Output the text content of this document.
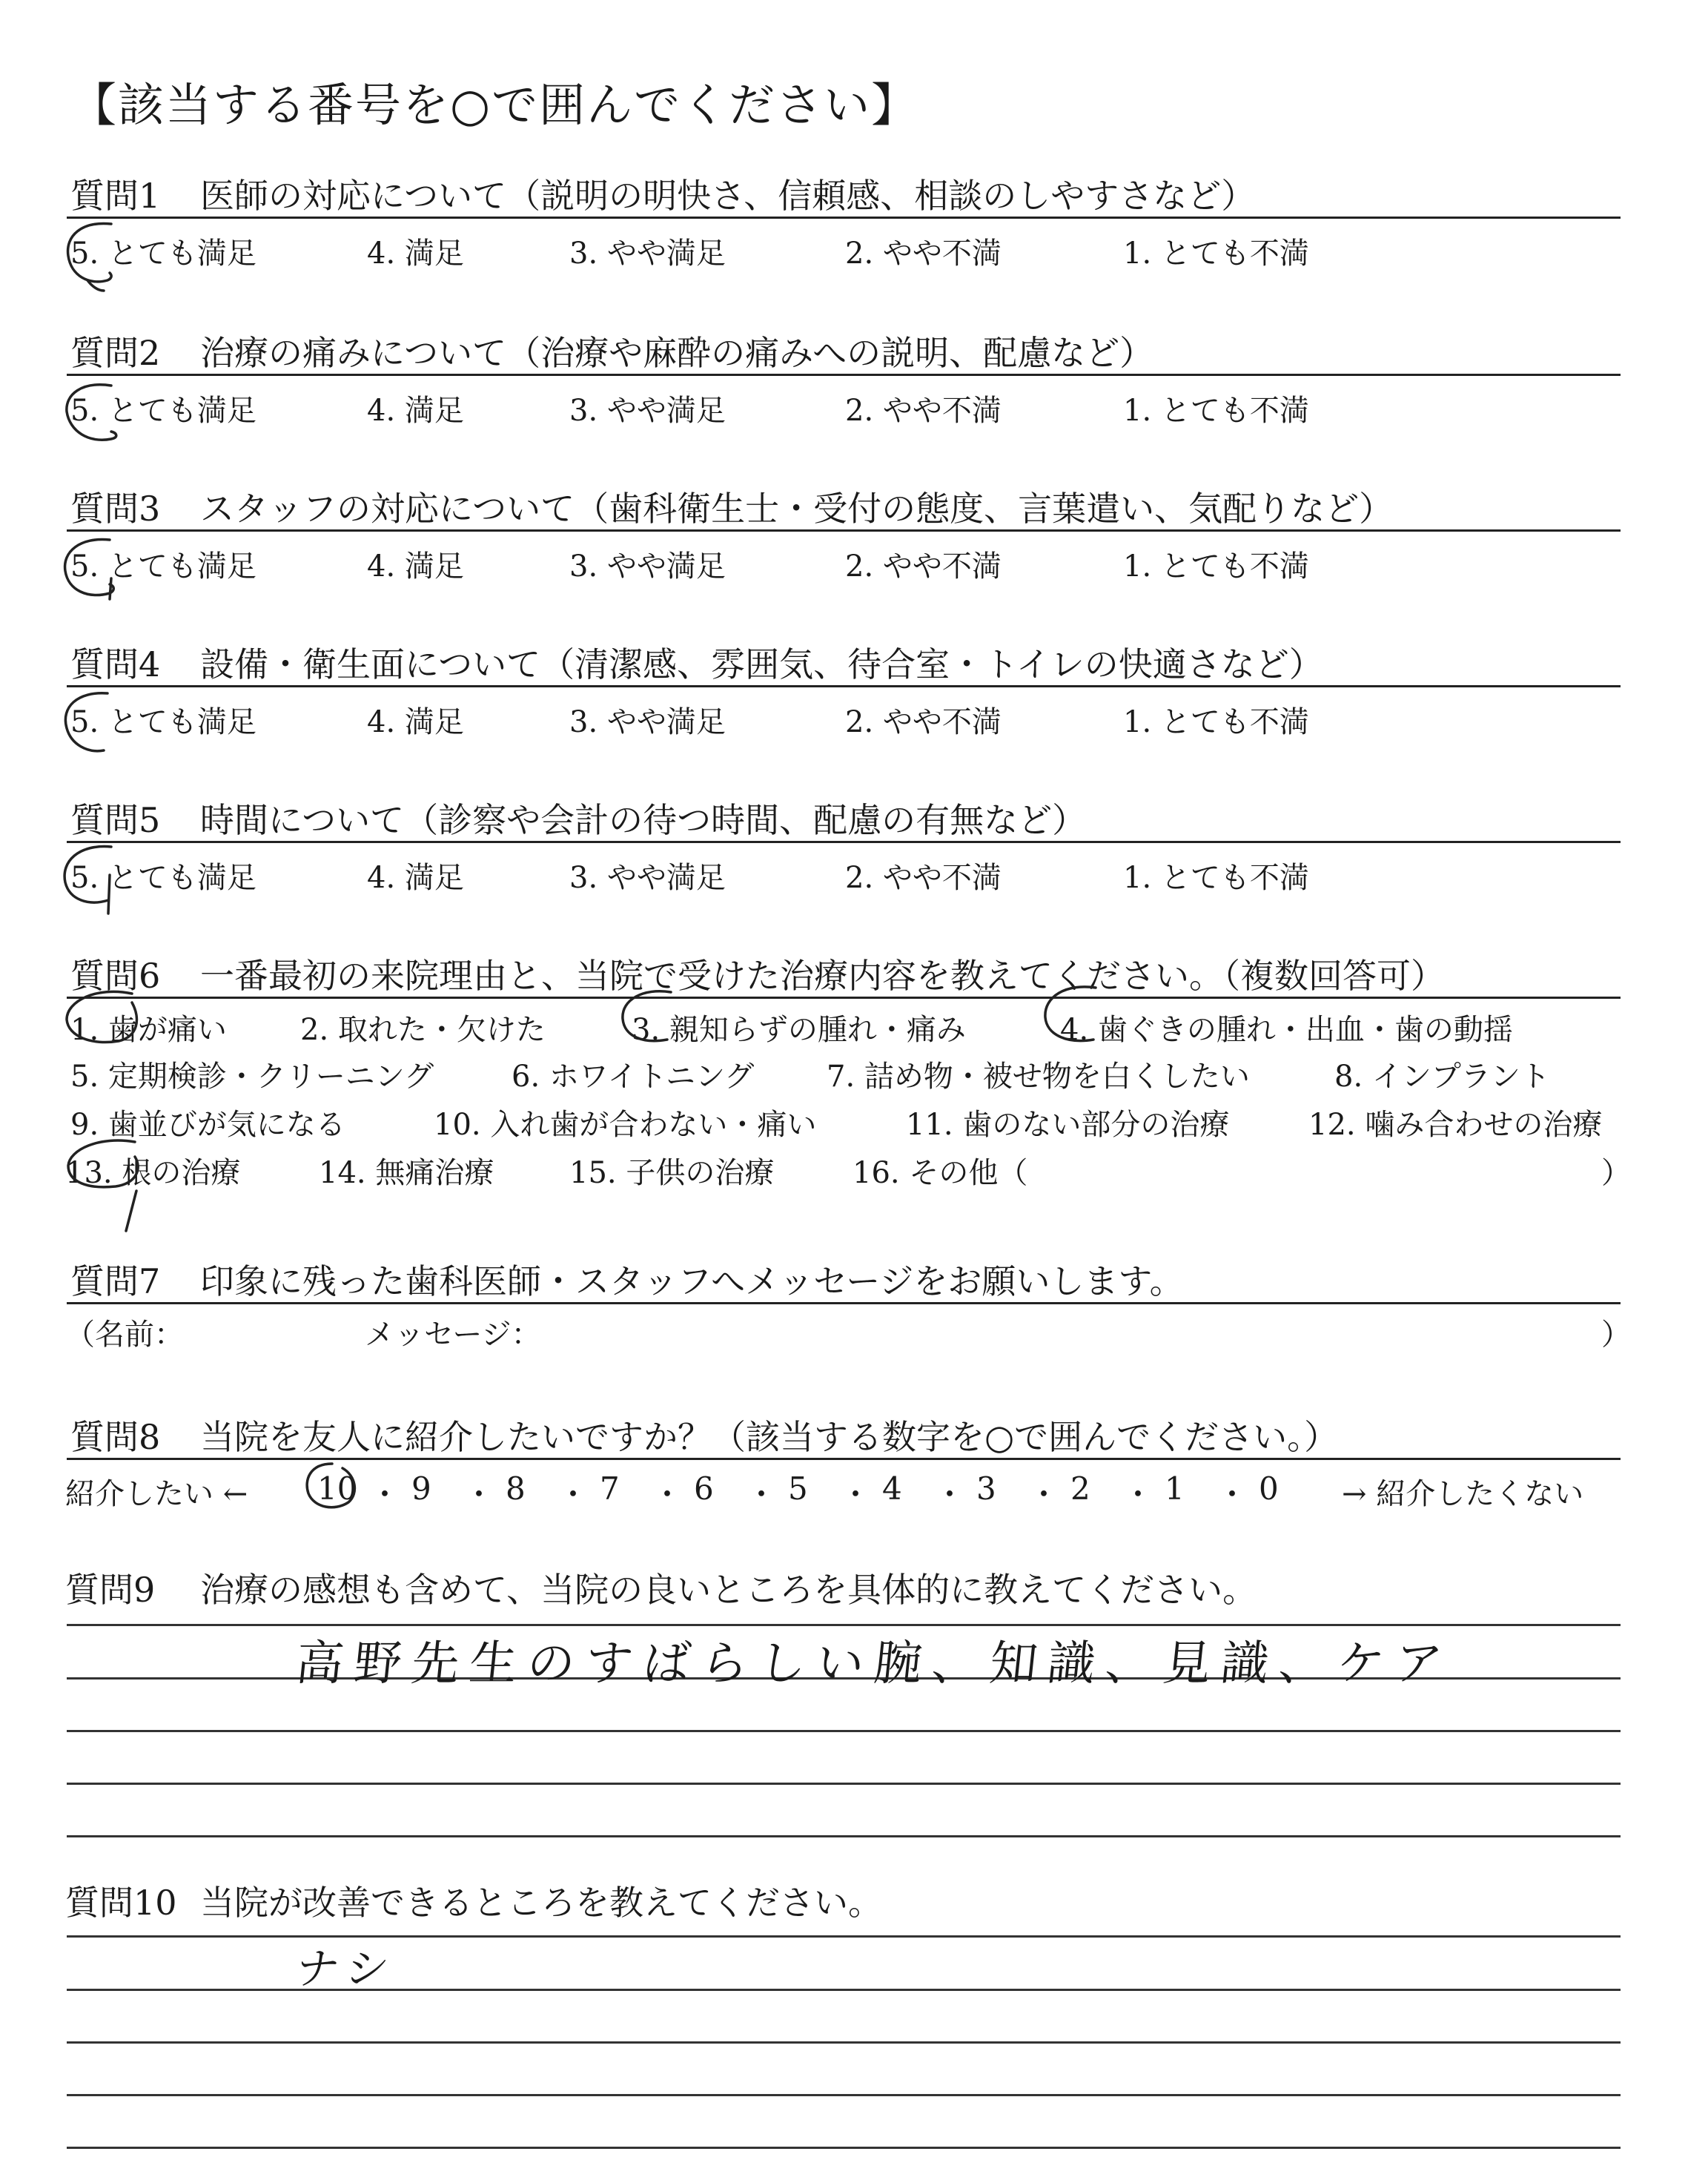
【該当する番号を○で囲んでください】
質問1 医師の対応について（説明の明快さ、信頼感、相談のしやすさなど）
5. とても満足	4. 満足	3. やや満足	2. やや不満	1. とても不満
質問2 治療の痛みについて（治療や麻酔の痛みへの説明、配慮など）
5. とても満足	4. 満足	3. やや満足	2. やや不満	1. とても不満
質問3 スタッフの対応について（歯科衛生士・受付の態度、言葉遣い、気配りなど）
5. とても満足	4. 満足	3. やや満足	2. やや不満	1. とても不満
質問4 設備・衛生面について（清潔感、雰囲気、待合室・トイレの快適さなど）
5. とても満足	4. 満足	3. やや満足	2. やや不満	1. とても不満
質問5 時間について（診察や会計の待つ時間、配慮の有無など）
5. とても満足	4. 満足	3. やや満足	2. やや不満	1. とても不満
質問6 一番最初の来院理由と、当院で受けた治療内容を教えてください。（複数回答可）
1. 歯が痛い 2. 取れた・欠けた	3. 親知らずの腫れ・痛み	4. 歯ぐきの腫れ・出血・歯の動揺
5. 定期検診・クリーニング	6. ホワイトニング 7. 詰め物・被せ物を白くしたい	8. インプラント
9. 歯並びが気になる	10. 入れ歯が合わない・痛い	11. 歯のない部分の治療	12. 噛み合わせの治療
13. 根の治療	14. 無痛治療	15. 子供の治療	16. その他（	）
質問7 印象に残った歯科医師・スタッフへメッセージをお願いします。
（名前：	メッセージ：	）
質問8 当院を友人に紹介したいですか？（該当する数字を○で囲んでください。）
紹介したい ← 10 ・ 9 ・ 8 ・ 7 ・ 6 ・ 5 ・ 4 ・ 3 ・ 2 ・ 1 ・ 0 → 紹介したくない
質問9 治療の感想も含めて、当院の良いところを具体的に教えてください。
高野先生のすばらしい腕、知識、見識、ケア
質問10 当院が改善できるところを教えてください。
ナシ
